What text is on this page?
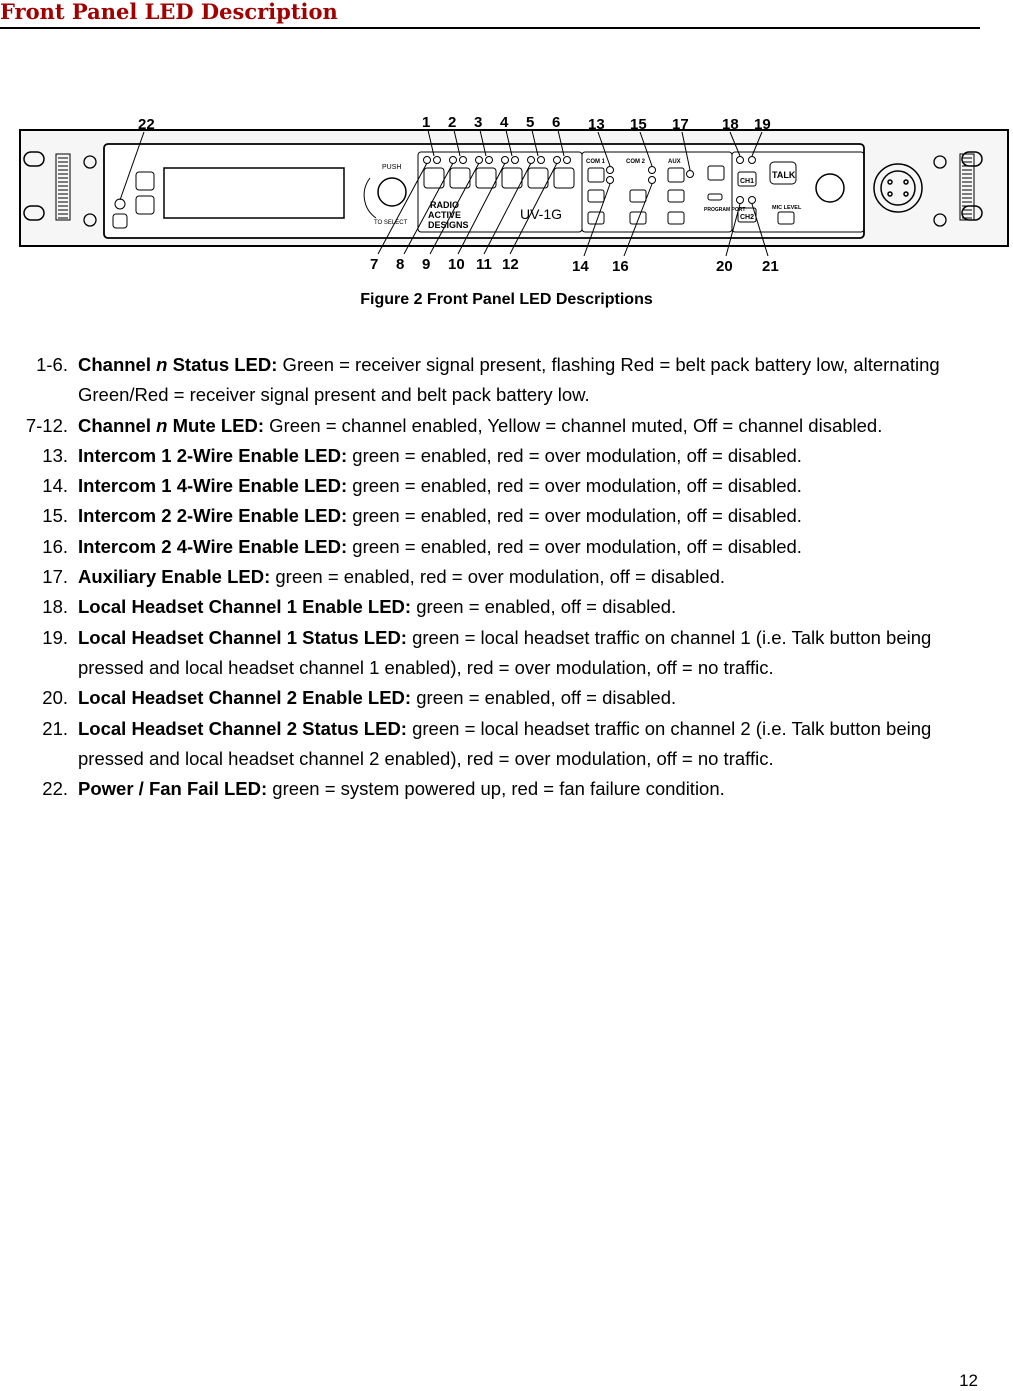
Front Panel LED Description
PUSH
TO SELECT
RADIO
ACTIVE
DESIGNS
UV-1G
COM 1	COM 2	AUX
PROGRAM PORT
CH1
CH2
TALK
MIC LEVEL
22	1 2 3 4 5 6 13 15 17 18 19
7 8 9 10 11 12	14 16	20 21
Figure 2 Front Panel LED Descriptions
1-6. Channel n Status LED: Green = receiver signal present, flashing Red = belt pack battery low, alternating Green/Red = receiver signal present and belt pack battery low.
7-12. Channel n Mute LED: Green = channel enabled, Yellow = channel muted, Off = channel disabled.
13. Intercom 1 2-Wire Enable LED: green = enabled, red = over modulation, off = disabled.
14. Intercom 1 4-Wire Enable LED: green = enabled, red = over modulation, off = disabled.
15. Intercom 2 2-Wire Enable LED: green = enabled, red = over modulation, off = disabled.
16. Intercom 2 4-Wire Enable LED: green = enabled, red = over modulation, off = disabled.
17. Auxiliary Enable LED: green = enabled, red = over modulation, off = disabled.
18. Local Headset Channel 1 Enable LED: green = enabled, off = disabled.
19. Local Headset Channel 1 Status LED: green = local headset traffic on channel 1 (i.e. Talk button being pressed and local headset channel 1 enabled), red = over modulation, off = no traffic.
20. Local Headset Channel 2 Enable LED: green = enabled, off = disabled.
21. Local Headset Channel 2 Status LED: green = local headset traffic on channel 2 (i.e. Talk button being pressed and local headset channel 2 enabled), red = over modulation, off = no traffic.
22. Power / Fan Fail LED: green = system powered up, red = fan failure condition.
12
